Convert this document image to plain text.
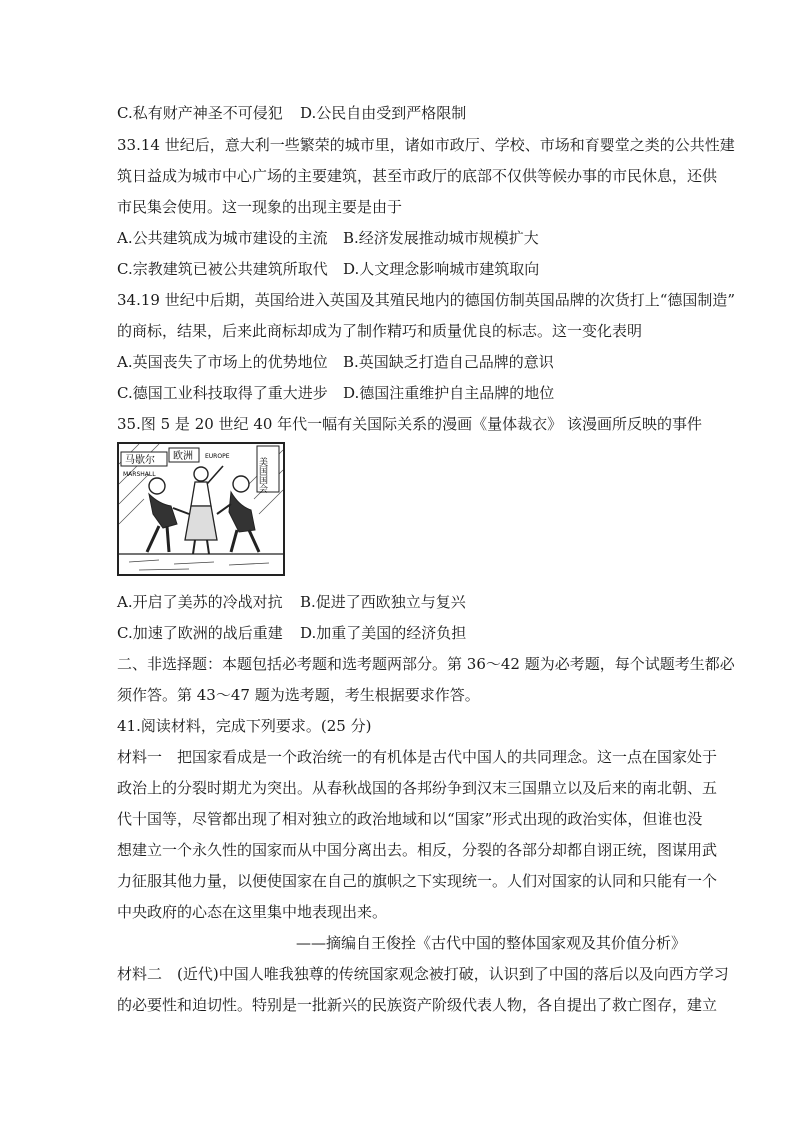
C.私有财产神圣不可侵犯 D.公民自由受到严格限制
33.14 世纪后，意大利一些繁荣的城市里，诸如市政厅、学校、市场和育婴堂之类的公共性建
筑日益成为城市中心广场的主要建筑，甚至市政厅的底部不仅供等候办事的市民休息，还供
市民集会使用。这一现象的出现主要是由于
A.公共建筑成为城市建设的主流 B.经济发展推动城市规模扩大
C.宗教建筑已被公共建筑所取代 D.人文理念影响城市建筑取向
34.19 世纪中后期，英国给进入英国及其殖民地内的德国仿制英国品牌的次货打上“德国制造”
的商标，结果，后来此商标却成为了制作精巧和质量优良的标志。这一变化表明
A.英国丧失了市场上的优势地位 B.英国缺乏打造自己品牌的意识
C.德国工业科技取得了重大进步 D.德国注重维护自主品牌的地位
35.图 5 是 20 世纪 40 年代一幅有关国际关系的漫画《量体裁衣》 该漫画所反映的事件
马歇尔
MARSHALL
欧洲 EUROPE
美国国会
A.开启了美苏的冷战对抗 B.促进了西欧独立与复兴
C.加速了欧洲的战后重建 D.加重了美国的经济负担
二、非选择题：本题包括必考题和选考题两部分。第 36～42 题为必考题，每个试题考生都必
须作答。第 43～47 题为选考题，考生根据要求作答。
41.阅读材料，完成下列要求。(25 分)
材料一　把国家看成是一个政治统一的有机体是古代中国人的共同理念。这一点在国家处于
政治上的分裂时期尤为突出。从春秋战国的各邦纷争到汉末三国鼎立以及后来的南北朝、五
代十国等，尽管都出现了相对独立的政治地域和以“国家”形式出现的政治实体，但谁也没
想建立一个永久性的国家而从中国分离出去。相反，分裂的各部分却都自诩正统，图谋用武
力征服其他力量，以便使国家在自己的旗帜之下实现统一。人们对国家的认同和只能有一个
中央政府的心态在这里集中地表现出来。
——摘编自王俊拴《古代中国的整体国家观及其价值分析》
材料二　(近代)中国人唯我独尊的传统国家观念被打破，认识到了中国的落后以及向西方学习
的必要性和迫切性。特别是一批新兴的民族资产阶级代表人物，各自提出了救亡图存，建立
